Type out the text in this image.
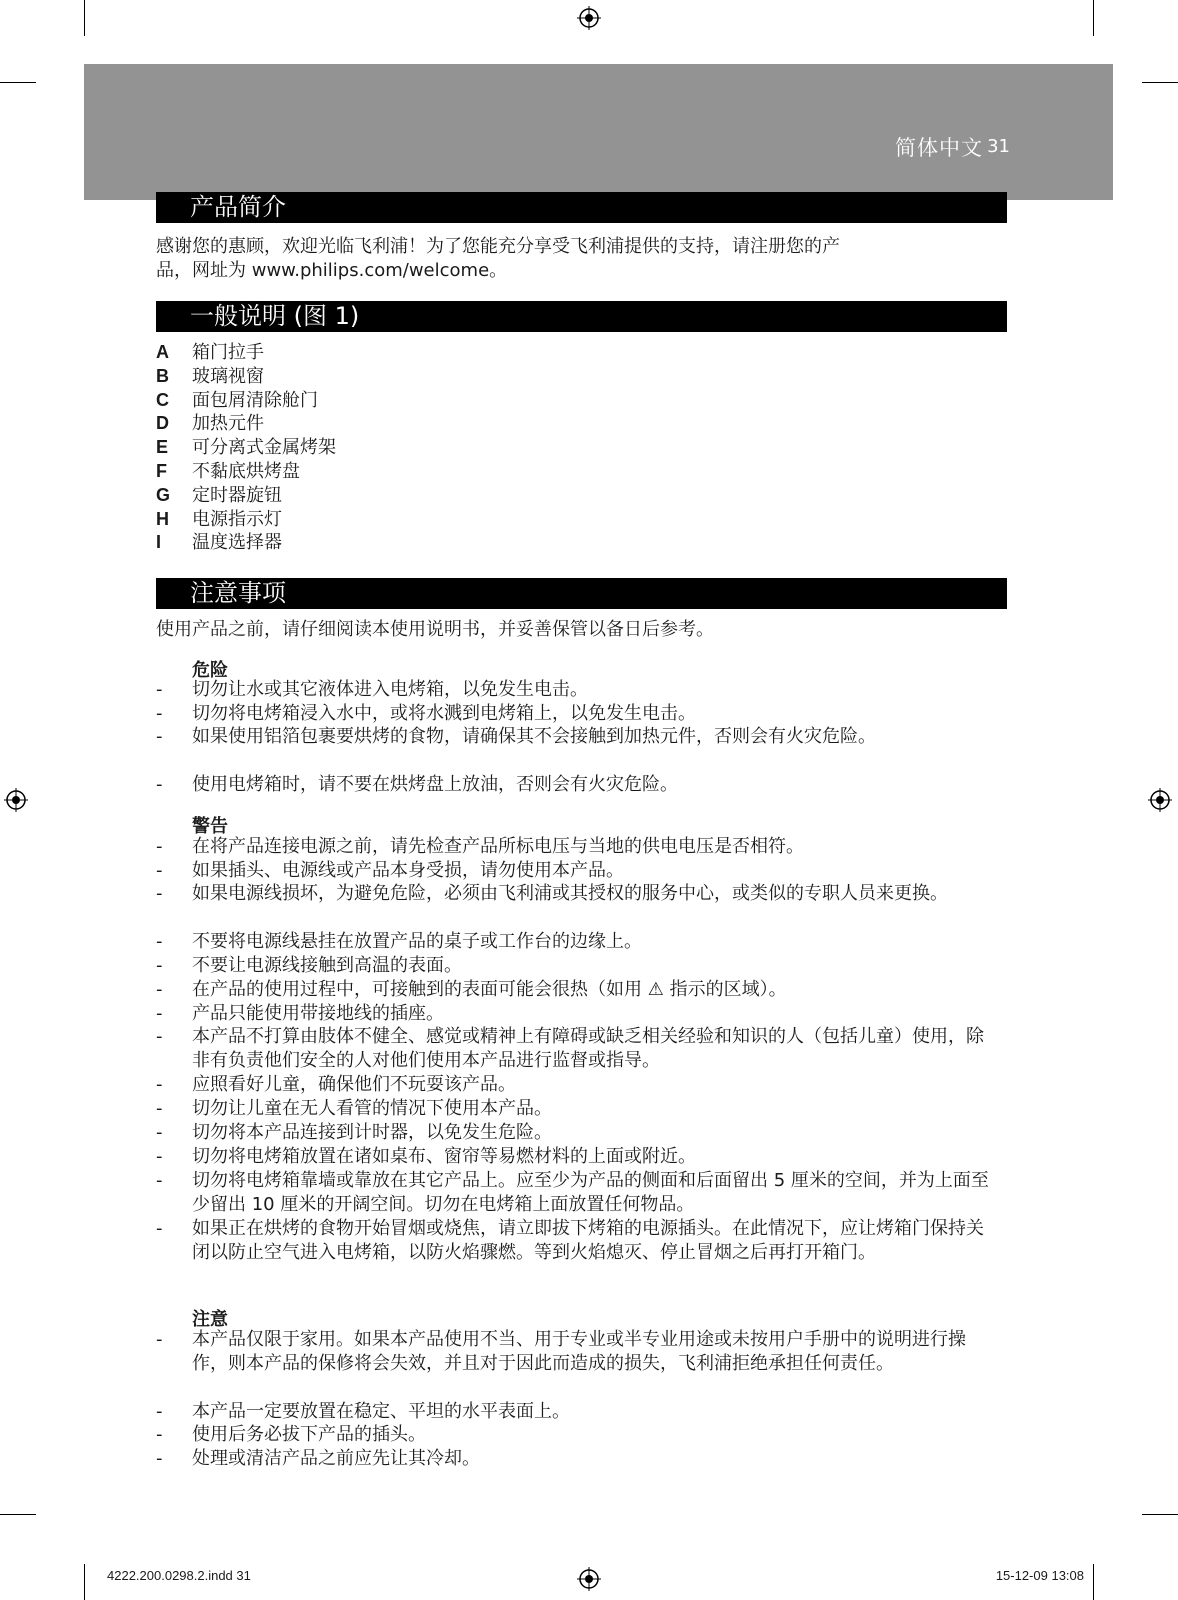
简体中文 31
产品简介
感谢您的惠顾，欢迎光临飞利浦！为了您能充分享受飞利浦提供的支持，请注册您的产
品，网址为 www.philips.com/welcome。
一般说明 (图 1)
A 箱门拉手
B 玻璃视窗
C 面包屑清除舱门
D 加热元件
E 可分离式金属烤架
F 不黏底烘烤盘
G 定时器旋钮
H 电源指示灯
I 温度选择器
注意事项
使用产品之前，请仔细阅读本使用说明书，并妥善保管以备日后参考。
危险
- 切勿让水或其它液体进入电烤箱，以免发生电击。
- 切勿将电烤箱浸入水中，或将水溅到电烤箱上，以免发生电击。
- 如果使用铝箔包裹要烘烤的食物，请确保其不会接触到加热元件，否则会有火灾危险。
- 使用电烤箱时，请不要在烘烤盘上放油，否则会有火灾危险。
警告
- 在将产品连接电源之前，请先检查产品所标电压与当地的供电电压是否相符。
- 如果插头、电源线或产品本身受损，请勿使用本产品。
- 如果电源线损坏，为避免危险，必须由飞利浦或其授权的服务中心，或类似的专职人员来更换。
- 不要将电源线悬挂在放置产品的桌子或工作台的边缘上。
- 不要让电源线接触到高温的表面。
- 在产品的使用过程中，可接触到的表面可能会很热（如用 ⚠ 指示的区域）。
- 产品只能使用带接地线的插座。
- 本产品不打算由肢体不健全、感觉或精神上有障碍或缺乏相关经验和知识的人（包括儿童）使用，除非有负责他们安全的人对他们使用本产品进行监督或指导。
- 应照看好儿童，确保他们不玩耍该产品。
- 切勿让儿童在无人看管的情况下使用本产品。
- 切勿将本产品连接到计时器，以免发生危险。
- 切勿将电烤箱放置在诸如桌布、窗帘等易燃材料的上面或附近。
- 切勿将电烤箱靠墙或靠放在其它产品上。应至少为产品的侧面和后面留出 5 厘米的空间，并为上面至少留出 10 厘米的开阔空间。切勿在电烤箱上面放置任何物品。
- 如果正在烘烤的食物开始冒烟或烧焦，请立即拔下烤箱的电源插头。在此情况下，应让烤箱门保持关闭以防止空气进入电烤箱，以防火焰骤燃。等到火焰熄灭、停止冒烟之后再打开箱门。
注意
- 本产品仅限于家用。如果本产品使用不当、用于专业或半专业用途或未按用户手册中的说明进行操作，则本产品的保修将会失效，并且对于因此而造成的损失，飞利浦拒绝承担任何责任。
- 本产品一定要放置在稳定、平坦的水平表面上。
- 使用后务必拔下产品的插头。
- 处理或清洁产品之前应先让其冷却。
4222.200.0298.2.indd 31	15-12-09 13:08
